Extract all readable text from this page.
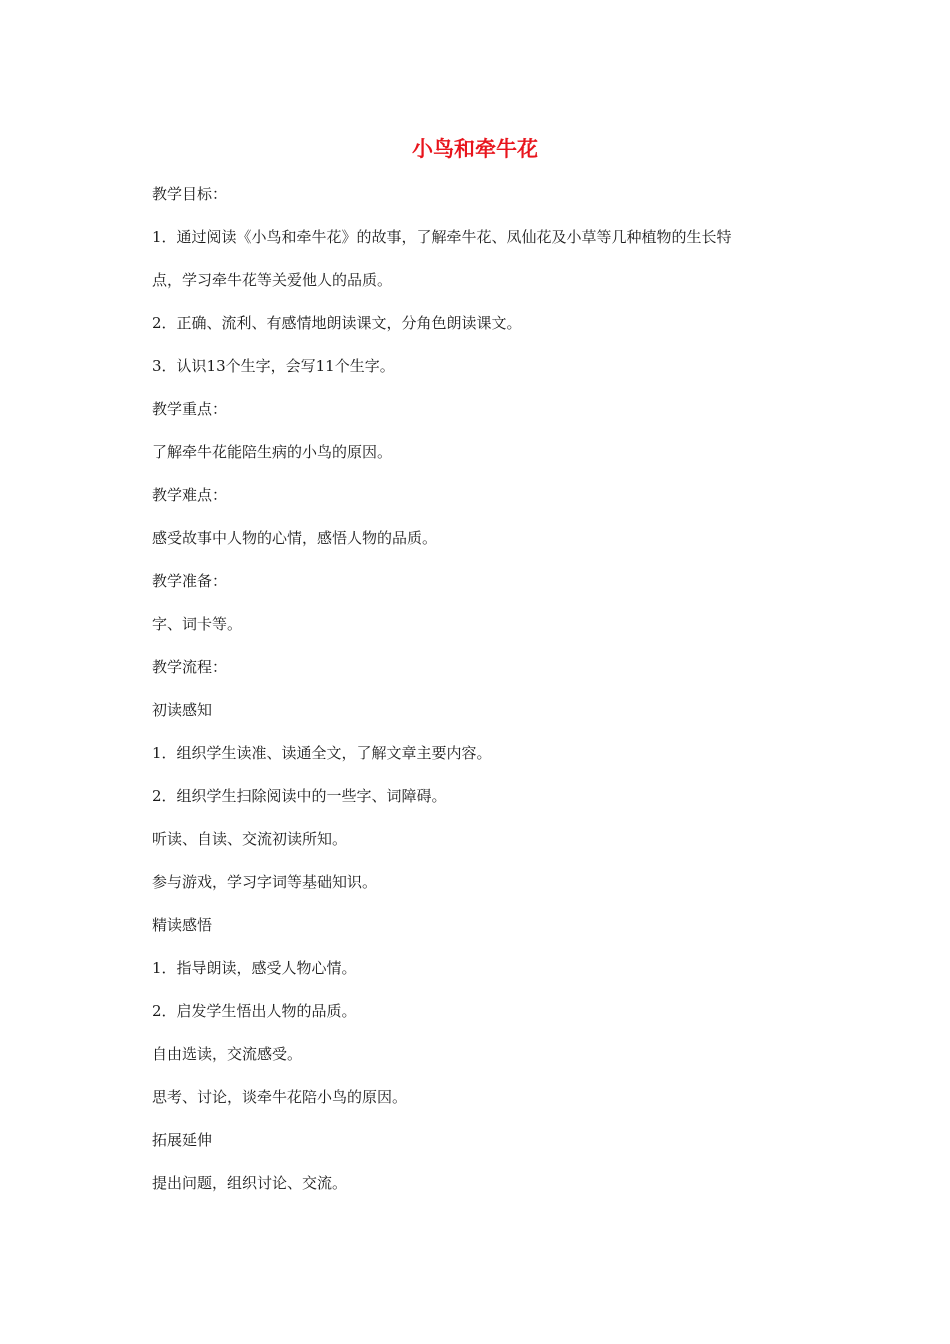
小鸟和牵牛花

教学目标：

1．通过阅读《小鸟和牵牛花》的故事，了解牵牛花、凤仙花及小草等几种植物的生长特

点，学习牵牛花等关爱他人的品质。

2．正确、流利、有感情地朗读课文，分角色朗读课文。

3．认识13个生字，会写11个生字。

教学重点：

了解牵牛花能陪生病的小鸟的原因。

教学难点：

感受故事中人物的心情，感悟人物的品质。

教学准备：

字、词卡等。

教学流程：

初读感知

1．组织学生读准、读通全文，了解文章主要内容。

2．组织学生扫除阅读中的一些字、词障碍。

听读、自读、交流初读所知。

参与游戏，学习字词等基础知识。

精读感悟

1．指导朗读，感受人物心情。

2．启发学生悟出人物的品质。

自由选读，交流感受。

思考、讨论，谈牵牛花陪小鸟的原因。

拓展延伸

提出问题，组织讨论、交流。
